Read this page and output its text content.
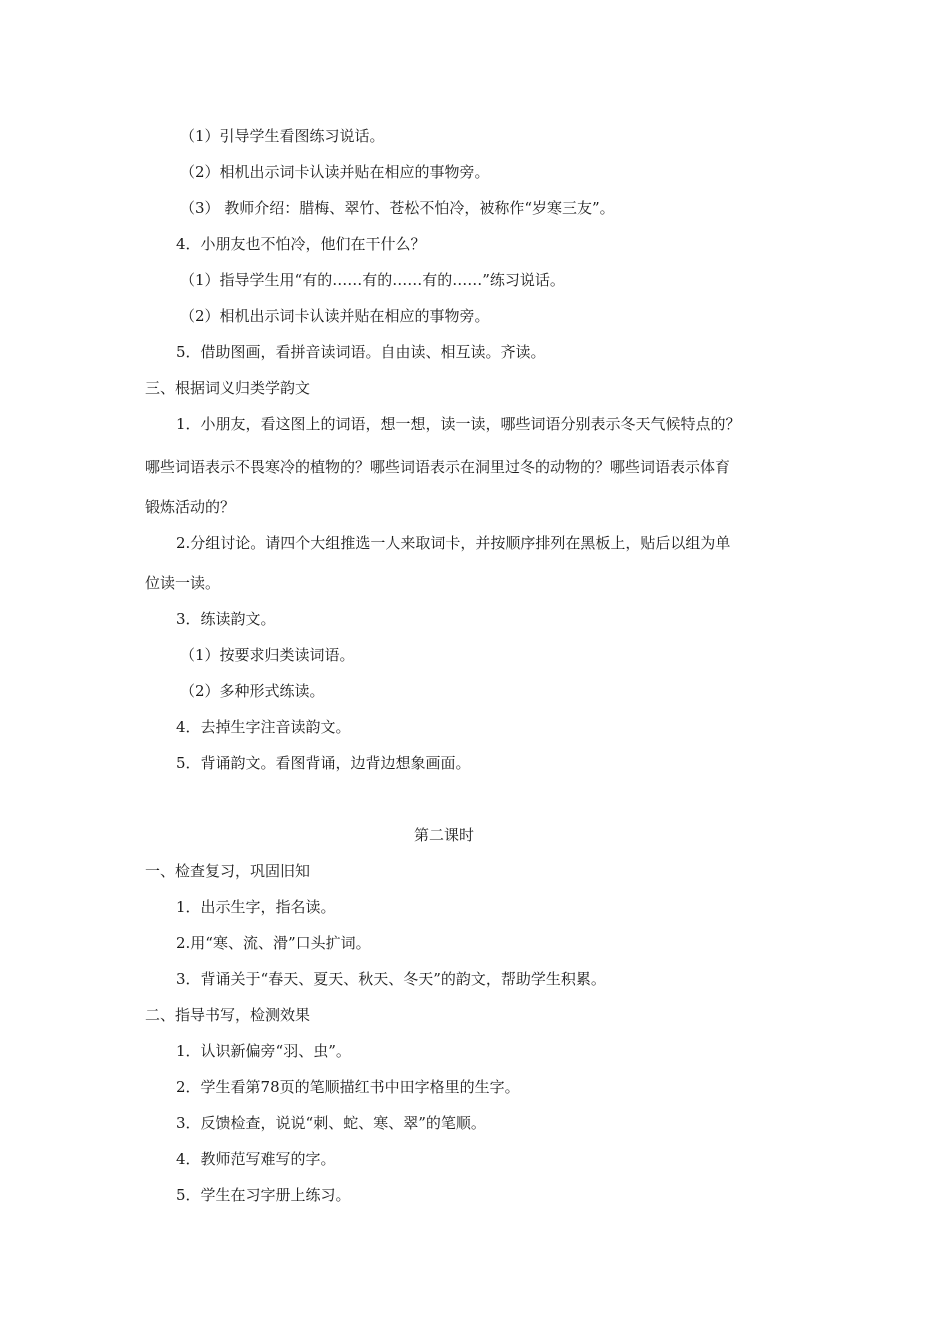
（1）引导学生看图练习说话。
（2）相机出示词卡认读并贴在相应的事物旁。
（3） 教师介绍：腊梅、翠竹、苍松不怕冷，被称作“岁寒三友”。
4．小朋友也不怕冷，他们在干什么？
（1）指导学生用“有的……有的……有的……”练习说话。
（2）相机出示词卡认读并贴在相应的事物旁。
5．借助图画，看拼音读词语。自由读、相互读。齐读。
三、根据词义归类学韵文
1．小朋友，看这图上的词语，想一想，读一读，哪些词语分别表示冬天气候特点的？
哪些词语表示不畏寒冷的植物的？哪些词语表示在洞里过冬的动物的？哪些词语表示体育
锻炼活动的？
2.分组讨论。请四个大组推选一人来取词卡，并按顺序排列在黑板上，贴后以组为单
位读一读。
3．练读韵文。
（1）按要求归类读词语。
（2）多种形式练读。
4．去掉生字注音读韵文。
5．背诵韵文。看图背诵，边背边想象画面。
第二课时
一、检查复习，巩固旧知
1．出示生字，指名读。
2.用“寒、流、滑”口头扩词。
3．背诵关于“春天、夏天、秋天、冬天”的韵文，帮助学生积累。
二、指导书写，检测效果
1．认识新偏旁“羽、虫”。
2．学生看第78页的笔顺描红书中田字格里的生字。
3．反馈检查，说说“刺、蛇、寒、翠”的笔顺。
4．教师范写难写的字。
5．学生在习字册上练习。
